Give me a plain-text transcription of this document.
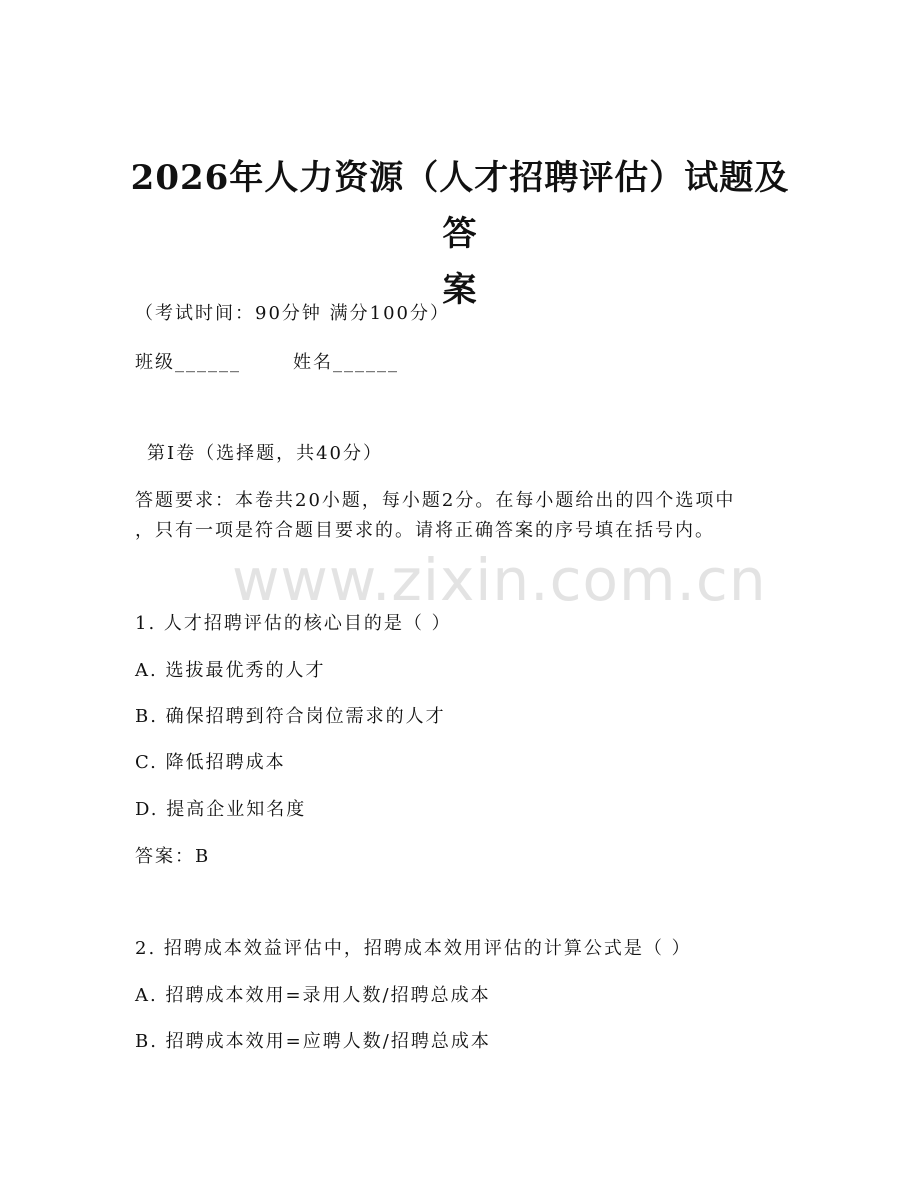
www.zixin.com.cn
2026年人力资源（人才招聘评估）试题及答
案
（考试时间：90分钟 满分100分）
班级______	姓名______
第I卷（选择题，共40分）
答题要求：本卷共20小题，每小题2分。在每小题给出的四个选项中
，只有一项是符合题目要求的。请将正确答案的序号填在括号内。
1. 人才招聘评估的核心目的是（ ）
A. 选拔最优秀的人才
B. 确保招聘到符合岗位需求的人才
C. 降低招聘成本
D. 提高企业知名度
答案：B
2. 招聘成本效益评估中，招聘成本效用评估的计算公式是（ ）
A. 招聘成本效用=录用人数/招聘总成本
B. 招聘成本效用=应聘人数/招聘总成本
